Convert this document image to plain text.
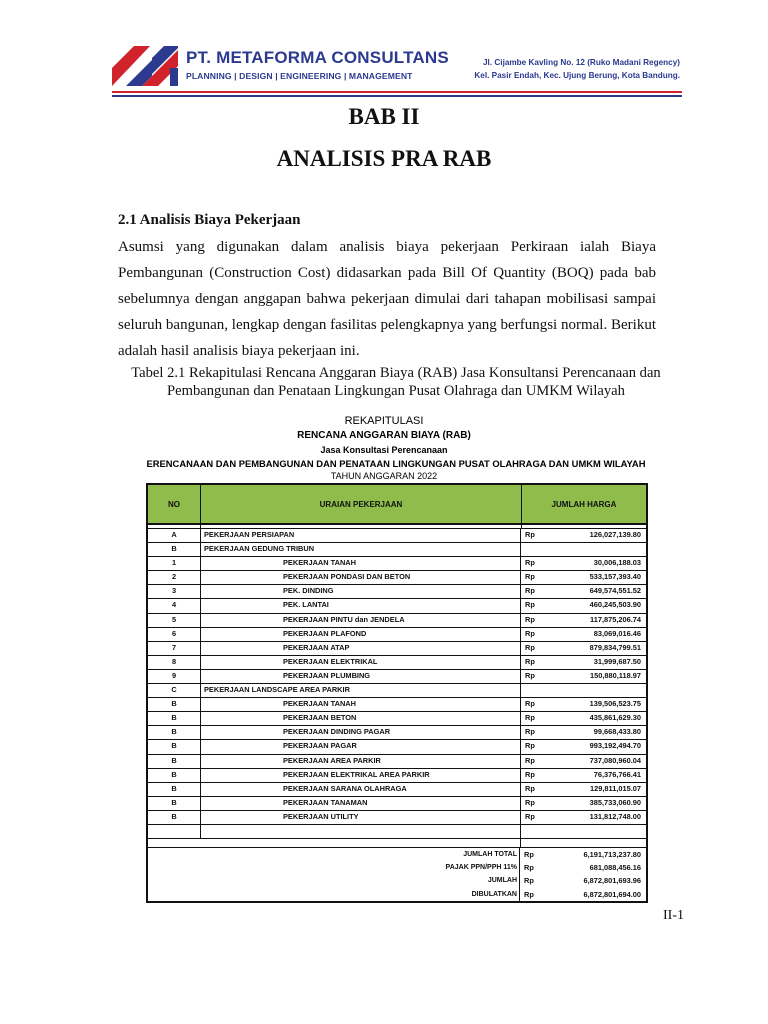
PT. METAFORMA CONSULTANS
PLANNING | DESIGN | ENGINEERING | MANAGEMENT
Jl. Cijambe Kavling No. 12 (Ruko Madani Regency)
Kel. Pasir Endah, Kec. Ujung Berung, Kota Bandung.
BAB II
ANALISIS PRA RAB
2.1 Analisis Biaya Pekerjaan

Asumsi yang digunakan dalam analisis biaya pekerjaan Perkiraan ialah Biaya Pembangunan (Construction Cost) didasarkan pada Bill Of Quantity (BOQ) pada bab sebelumnya dengan anggapan bahwa pekerjaan dimulai dari tahapan mobilisasi sampai seluruh bangunan, lengkap dengan fasilitas pelengkapnya yang berfungsi normal. Berikut adalah hasil analisis biaya pekerjaan ini.

Tabel 2.1 Rekapitulasi Rencana Anggaran Biaya (RAB) Jasa Konsultansi Perencanaan dan
Pembangunan dan Penataan Lingkungan Pusat Olahraga dan UMKM Wilayah
REKAPITULASI
RENCANA ANGGARAN BIAYA (RAB)
Jasa Konsultasi Perencanaan
ERENCANAAN DAN PEMBANGUNAN DAN PENATAAN LINGKUNGAN PUSAT OLAHRAGA DAN UMKM WILAYAH
TAHUN ANGGARAN 2022
NO	URAIAN PEKERJAAN	JUMLAH HARGA
A	PEKERJAAN PERSIAPAN	Rp	126,027,139.80
B	PEKERJAAN GEDUNG TRIBUN
1	PEKERJAAN TANAH	Rp	30,006,188.03
2	PEKERJAAN PONDASI DAN BETON	Rp	533,157,393.40
3	PEK. DINDING	Rp	649,574,551.52
4	PEK. LANTAI	Rp	460,245,503.90
5	PEKERJAAN PINTU dan JENDELA	Rp	117,875,206.74
6	PEKERJAAN PLAFOND	Rp	83,069,016.46
7	PEKERJAAN ATAP	Rp	879,834,799.51
8	PEKERJAAN ELEKTRIKAL	Rp	31,999,687.50
9	PEKERJAAN PLUMBING	Rp	150,880,118.97
C	PEKERJAAN LANDSCAPE AREA PARKIR
B	PEKERJAAN TANAH	Rp	139,506,523.75
B	PEKERJAAN BETON	Rp	435,861,629.30
B	PEKERJAAN DINDING PAGAR	Rp	99,668,433.80
B	PEKERJAAN PAGAR	Rp	993,192,494.70
B	PEKERJAAN AREA PARKIR	Rp	737,080,960.04
B	PEKERJAAN ELEKTRIKAL AREA PARKIR	Rp	76,376,766.41
B	PEKERJAAN SARANA OLAHRAGA	Rp	129,811,015.07
B	PEKERJAAN TANAMAN	Rp	385,733,060.90
B	PEKERJAAN UTILITY	Rp	131,812,748.00
JUMLAH TOTAL Rp	6,191,713,237.80
PAJAK PPN/PPH 11% Rp	681,088,456.16
JUMLAH Rp	6,872,801,693.96
DIBULATKAN Rp	6,872,801,694.00
II-1
